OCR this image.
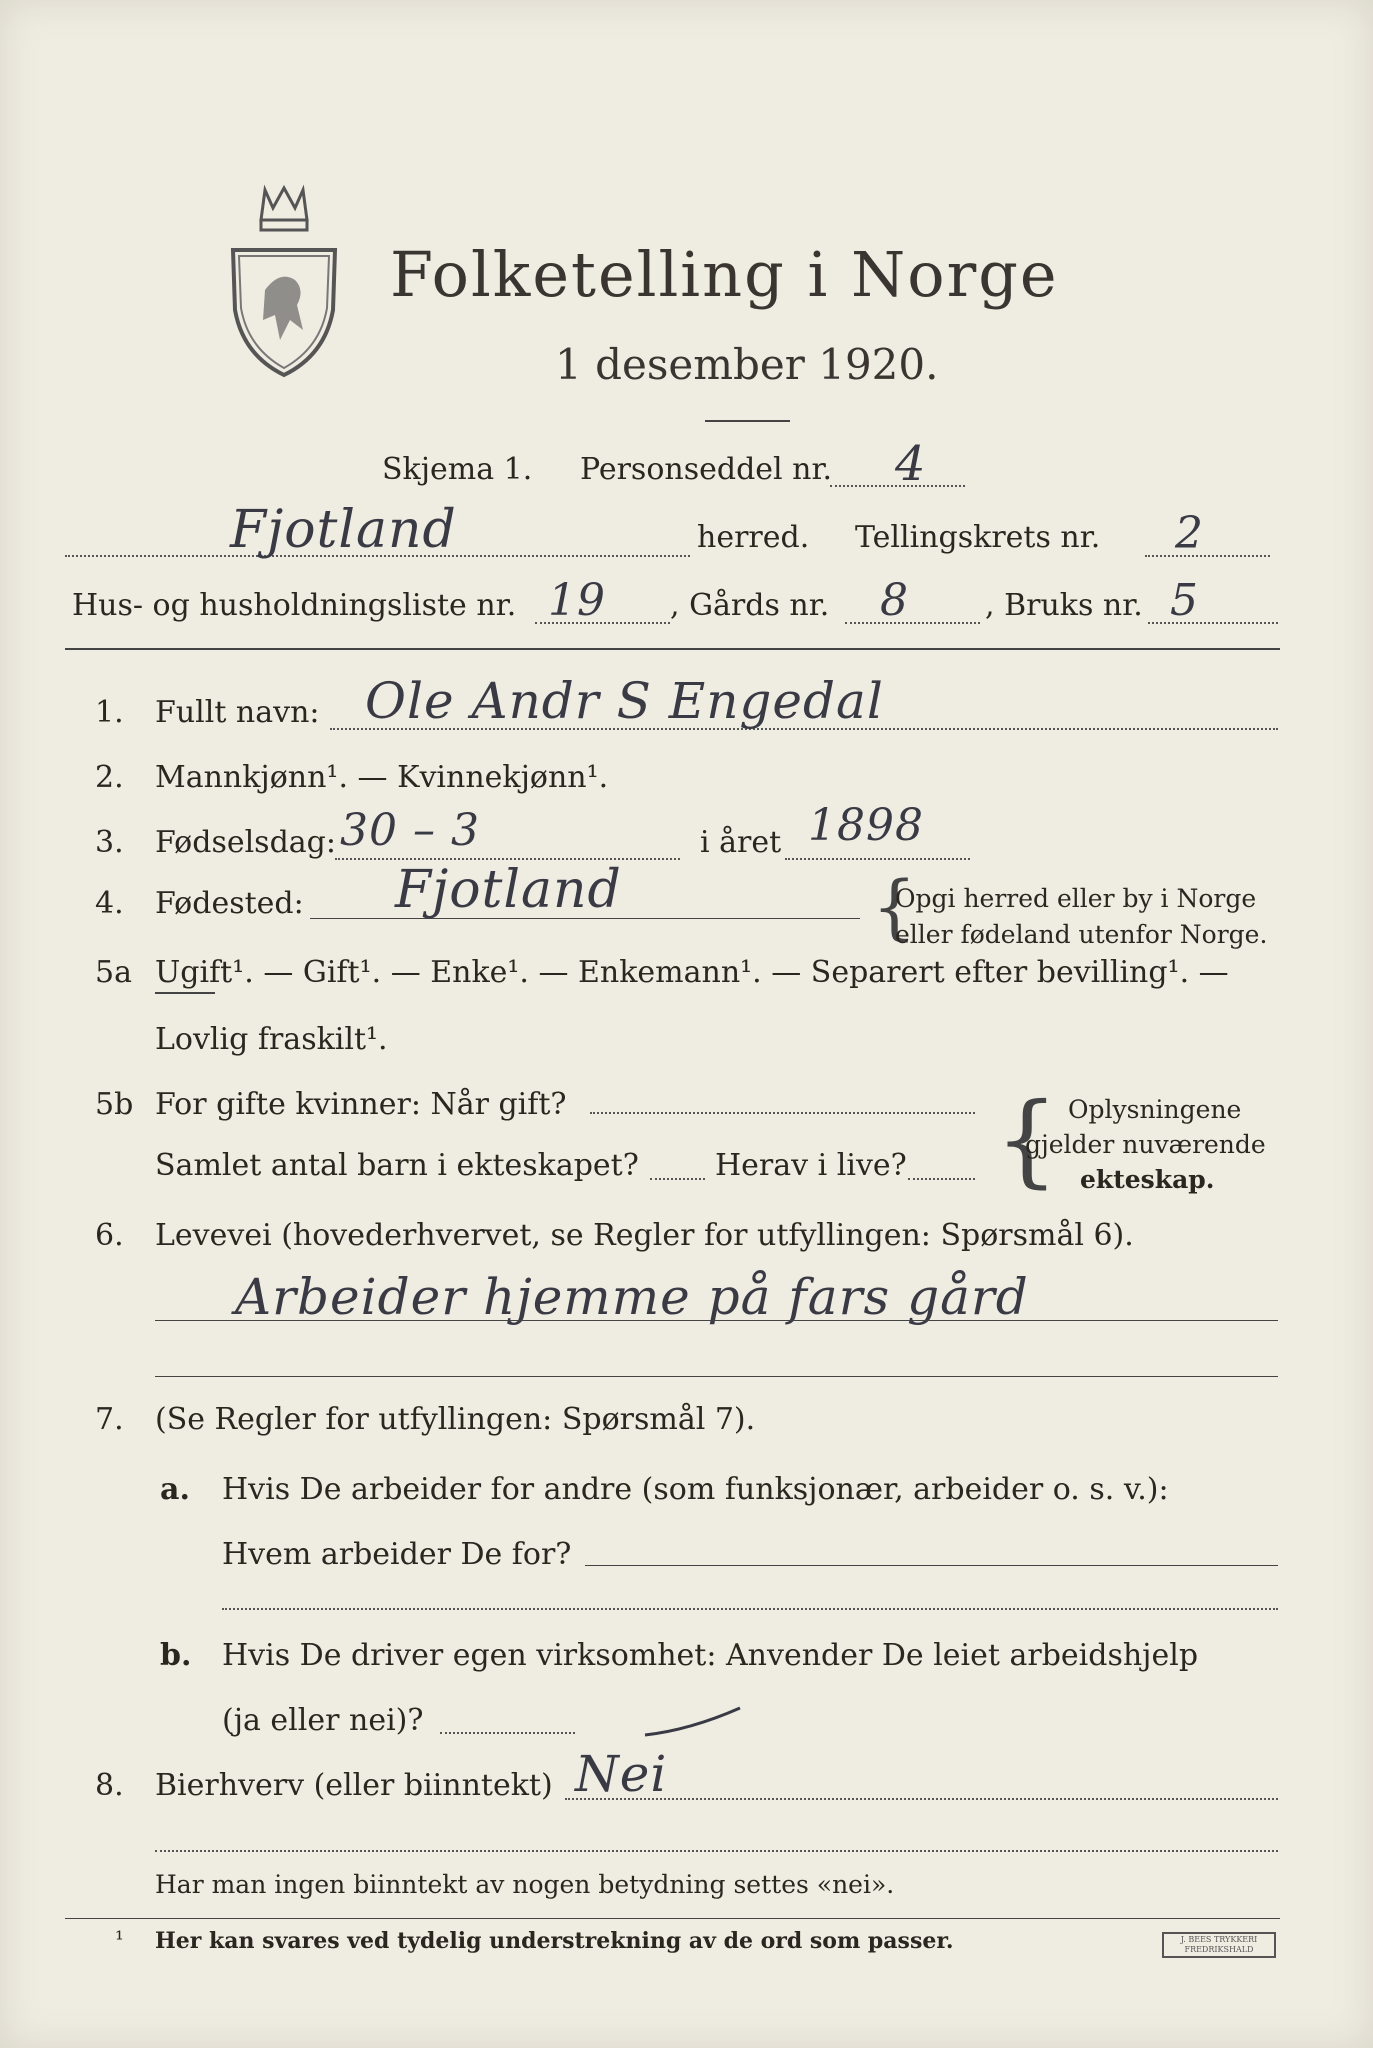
Folketelling i Norge
1 desember 1920.
Skjema 1. Personseddel nr. 4
Fjotland	herred. Tellingskrets nr. 2
Hus- og husholdningsliste nr. 19 , Gårds nr. 8	, Bruks nr. 5
1. Fullt navn: Ole Andr S Engedal
2. Mannkjønn¹. — Kvinnekjønn¹.
3. Fødselsdag: 30 – 3	i året 1898
4. Fødested: Fjotland	{
Opgi herred eller by i Norge
eller fødeland utenfor Norge.
5a Ugift¹. — Gift¹. — Enke¹. — Enkemann¹. — Separert efter bevilling¹. —
Lovlig fraskilt¹.
5b For gifte kvinner: Når gift?
Samlet antal barn i ekteskapet?	Herav i live? { Oplysningene
gjelder nuværende
ekteskap.
6. Levevei (hovederhvervet, se Regler for utfyllingen: Spørsmål 6).
Arbeider hjemme på fars gård
7. (Se Regler for utfyllingen: Spørsmål 7).
a. Hvis De arbeider for andre (som funksjonær, arbeider o. s. v.):
Hvem arbeider De for?
b. Hvis De driver egen virksomhet: Anvender De leiet arbeidshjelp
(ja eller nei)?
8. Bierhverv (eller biinntekt) Nei
Har man ingen biinntekt av nogen betydning settes «nei».
¹ Her kan svares ved tydelig understrekning av de ord som passer.	J. BEES TRYKKERI
FREDRIKSHALD
